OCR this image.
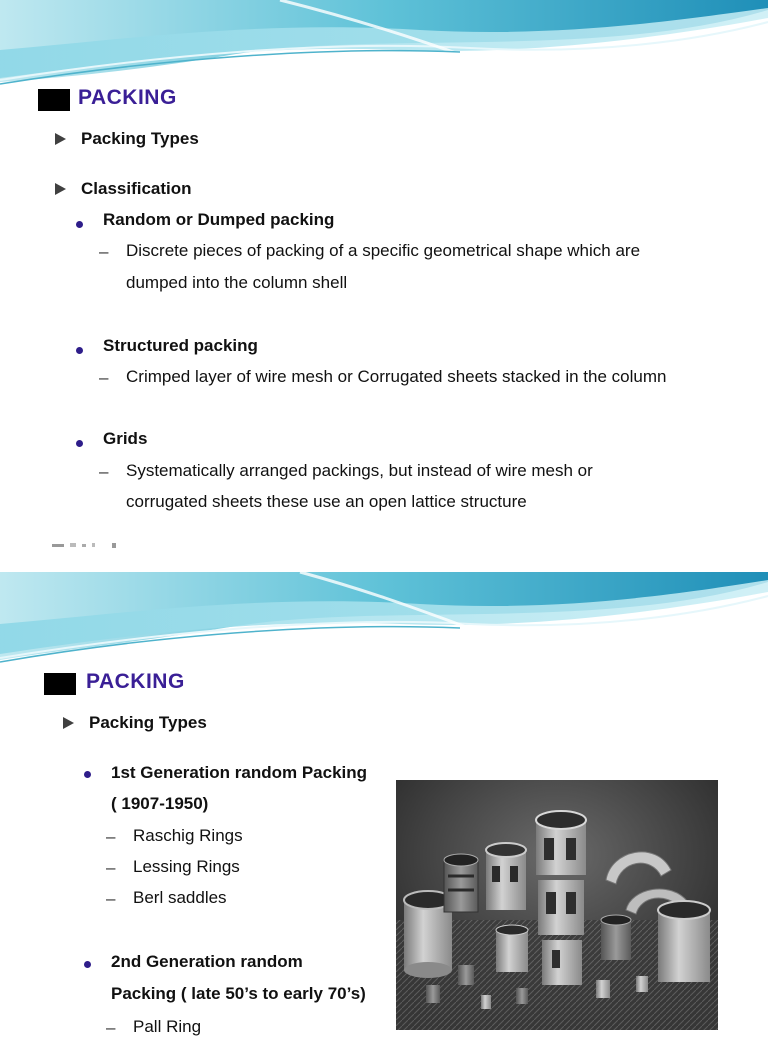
PACKING
Packing Types
Classification
Random or Dumped packing
– Discrete pieces of packing of a specific geometrical shape which are
dumped into the column shell
Structured packing
– Crimped layer of wire mesh or Corrugated sheets stacked in the column
Grids
– Systematically arranged packings, but instead of wire mesh or
corrugated sheets these use an open lattice structure
PACKING
Packing Types
1st Generation random Packing
( 1907-1950)
– Raschig Rings
– Lessing Rings
– Berl saddles
2nd Generation random
Packing ( late 50’s to early 70’s)
– Pall Ring
